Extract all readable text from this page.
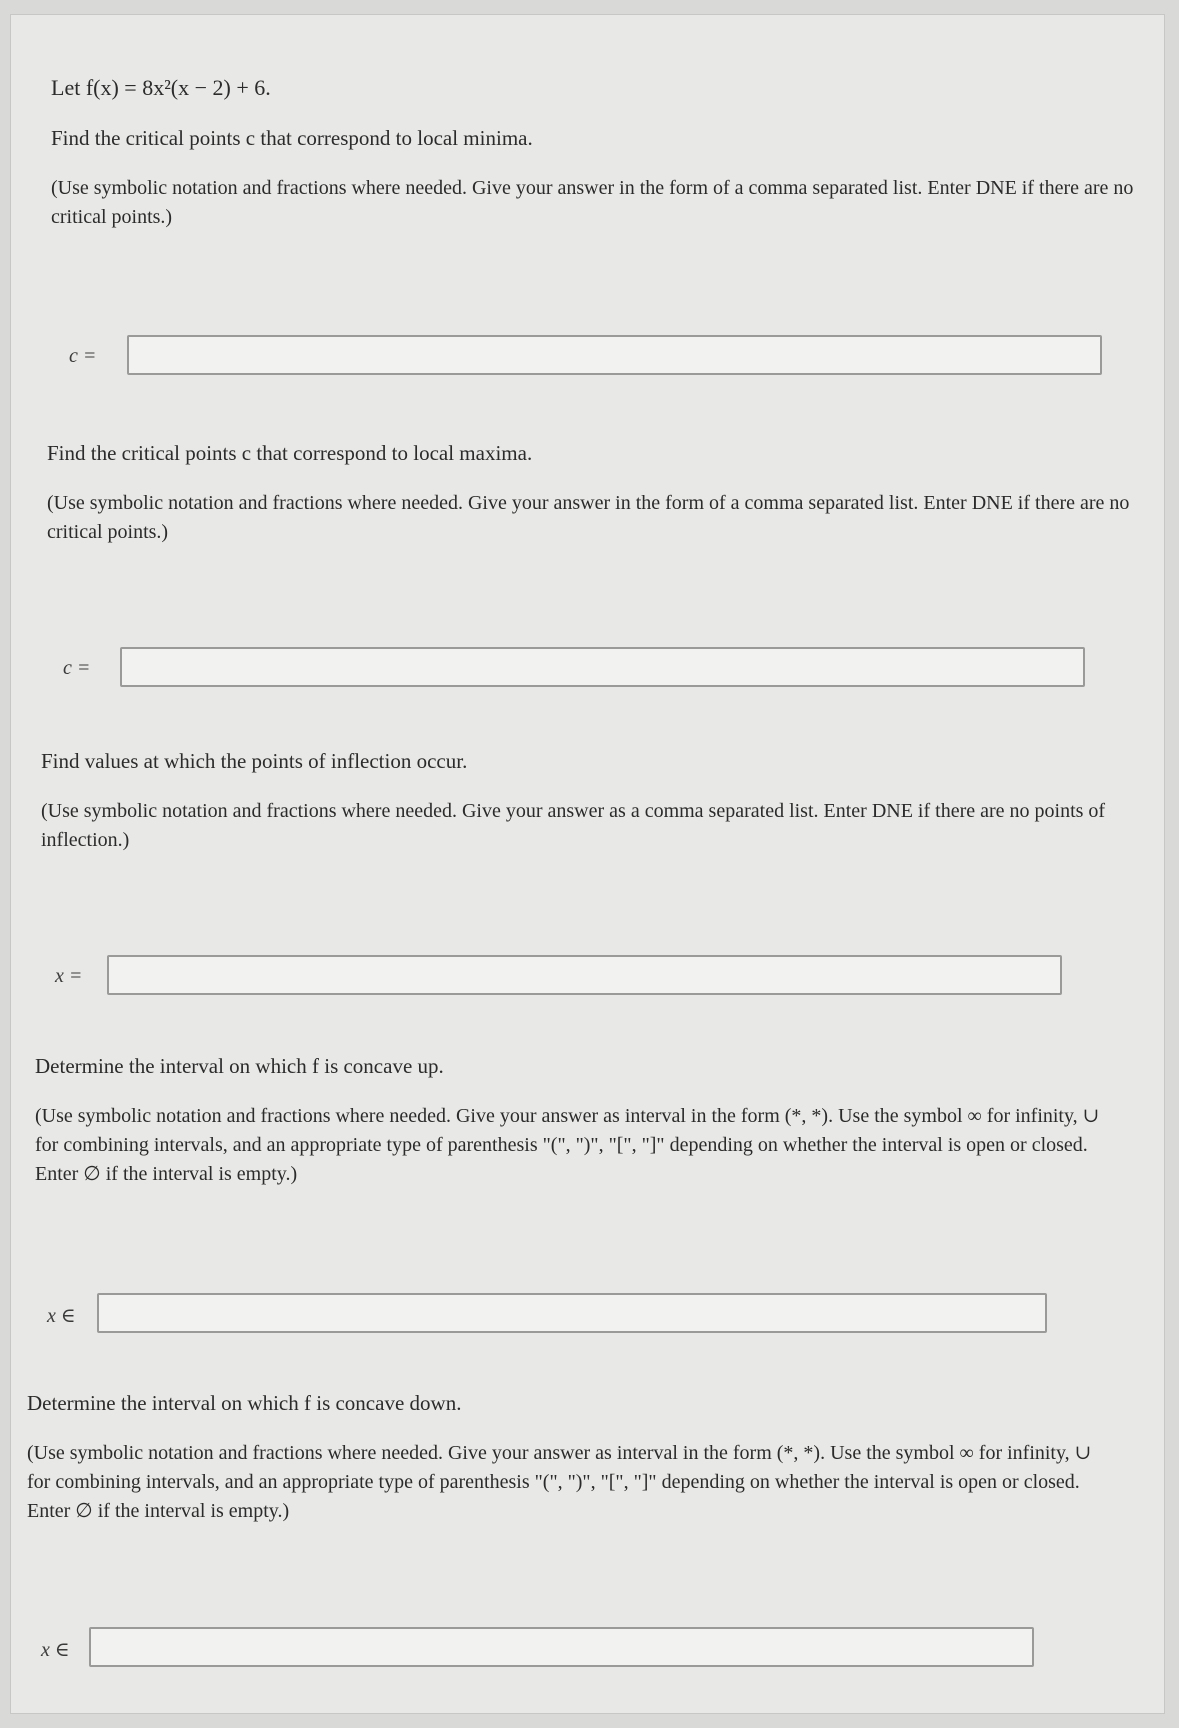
Let f(x) = 8x²(x − 2) + 6.

Find the critical points c that correspond to local minima.

(Use symbolic notation and fractions where needed. Give your answer in the form of a comma separated list. Enter DNE if there are no critical points.)

c =

Find the critical points c that correspond to local maxima.

(Use symbolic notation and fractions where needed. Give your answer in the form of a comma separated list. Enter DNE if there are no critical points.)

c =

Find values at which the points of inflection occur.

(Use symbolic notation and fractions where needed. Give your answer as a comma separated list. Enter DNE if there are no points of inflection.)

x =

Determine the interval on which f is concave up.

(Use symbolic notation and fractions where needed. Give your answer as interval in the form (*, *). Use the symbol ∞ for infinity, ∪ for combining intervals, and an appropriate type of parenthesis "(", ")", "[", "]" depending on whether the interval is open or closed. Enter ∅ if the interval is empty.)

x ∈

Determine the interval on which f is concave down.

(Use symbolic notation and fractions where needed. Give your answer as interval in the form (*, *). Use the symbol ∞ for infinity, ∪ for combining intervals, and an appropriate type of parenthesis "(", ")", "[", "]" depending on whether the interval is open or closed. Enter ∅ if the interval is empty.)

x ∈
